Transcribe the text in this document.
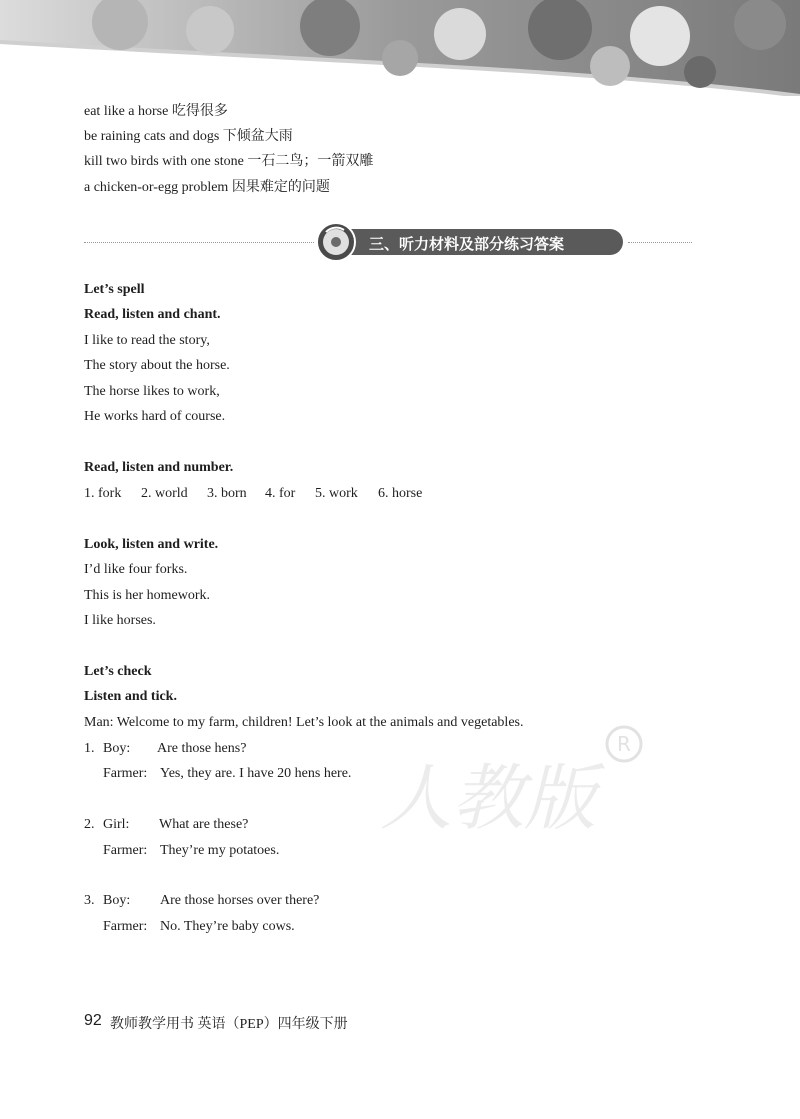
eat like a horse 吃得很多
be raining cats and dogs 下倾盆大雨
kill two birds with one stone 一石二鸟；一箭双雕
a chicken-or-egg problem 因果难定的问题
三、听力材料及部分练习答案
Let’s spell
Read, listen and chant.
I like to read the story,
The story about the horse.
The horse likes to work,
He works hard of course.
Read, listen and number.
1. fork 2. world 3. born 4. for 5. work 6. horse
Look, listen and write.
I’d like four forks.
This is her homework.
I like horses.
Let’s check
Listen and tick.
Man: Welcome to my farm, children! Let’s look at the animals and vegetables.
人教版
R
1. Boy: Are those hens?
Farmer: Yes, they are. I have 20 hens here.
2. Girl: What are these?
Farmer: They’re my potatoes.
3. Boy: Are those horses over there?
Farmer: No. They’re baby cows.
92 教师教学用书 英语（PEP）四年级下册
